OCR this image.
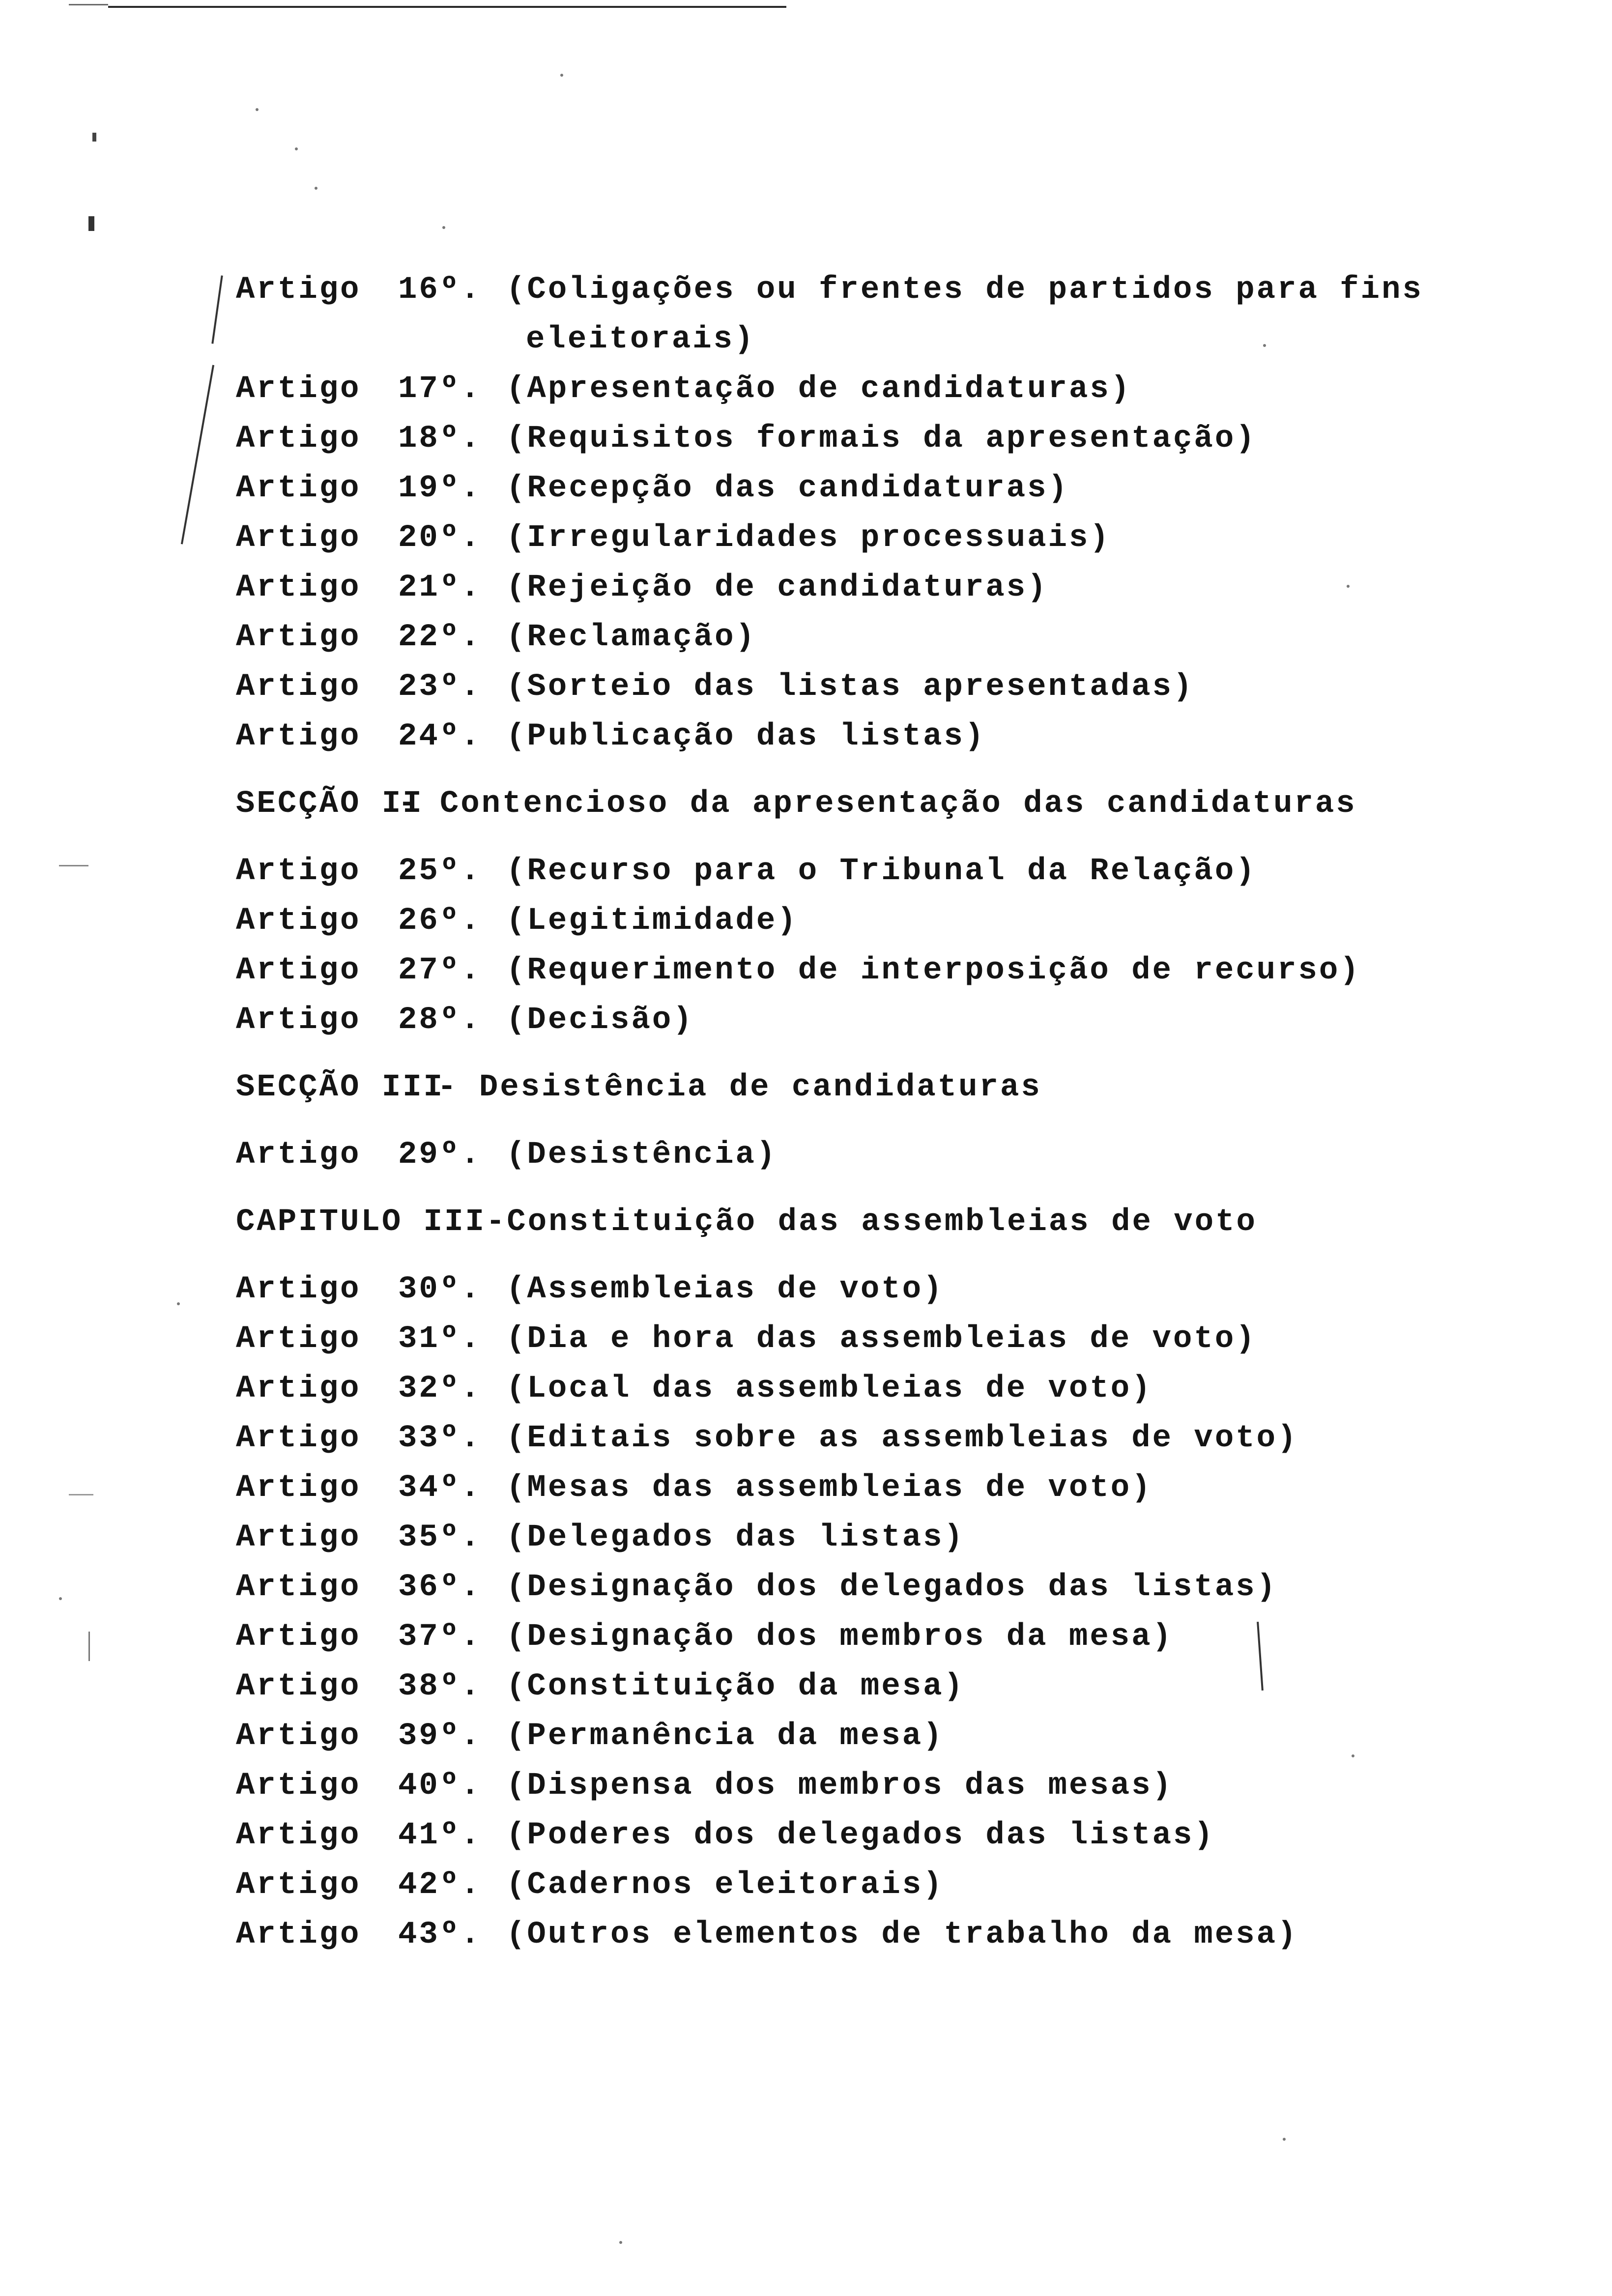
Artigo 16º. (Coligações ou frentes de partidos para fins
eleitorais)
Artigo 17º. (Apresentação de candidaturas)
Artigo 18º. (Requisitos formais da apresentação)
Artigo 19º. (Recepção das candidaturas)
Artigo 20º. (Irregularidades processuais)
Artigo 21º. (Rejeição de candidaturas)
Artigo 22º. (Reclamação)
Artigo 23º. (Sorteio das listas apresentadas)
Artigo 24º. (Publicação das listas)
SECÇÃO II
- Contencioso da apresentação das candidaturas
Artigo 25º. (Recurso para o Tribunal da Relação)
Artigo 26º. (Legitimidade)
Artigo 27º. (Requerimento de interposição de recurso)
Artigo 28º. (Decisão)
SECÇÃO III
- Desistência de candidaturas
Artigo 29º. (Desistência)
CAPITULO III-Constituição das assembleias de voto
Artigo 30º. (Assembleias de voto)
Artigo 31º. (Dia e hora das assembleias de voto)
Artigo 32º. (Local das assembleias de voto)
Artigo 33º. (Editais sobre as assembleias de voto)
Artigo 34º. (Mesas das assembleias de voto)
Artigo 35º. (Delegados das listas)
Artigo 36º. (Designação dos delegados das listas)
Artigo 37º. (Designação dos membros da mesa)
Artigo 38º. (Constituição da mesa)
Artigo 39º. (Permanência da mesa)
Artigo 40º. (Dispensa dos membros das mesas)
Artigo 41º. (Poderes dos delegados das listas)
Artigo 42º. (Cadernos eleitorais)
Artigo 43º. (Outros elementos de trabalho da mesa)
